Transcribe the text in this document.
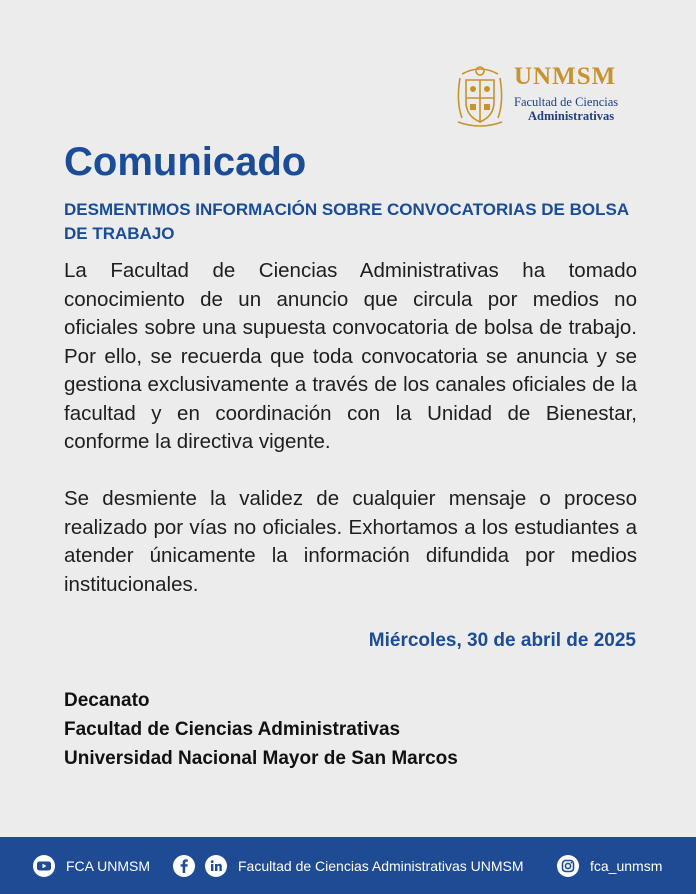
UNMSM
Facultad de Ciencias
Administrativas
Comunicado
DESMENTIMOS INFORMACIÓN SOBRE CONVOCATORIAS DE BOLSA DE TRABAJO
La Facultad de Ciencias Administrativas ha tomado conocimiento de un anuncio que circula por medios no oficiales sobre una supuesta convocatoria de bolsa de trabajo. Por ello, se recuerda que toda convocatoria se anuncia y se gestiona exclusivamente a través de los canales oficiales de la facultad y en coordinación con la Unidad de Bienestar, conforme la directiva vigente.
Se desmiente la validez de cualquier mensaje o proceso realizado por vías no oficiales. Exhortamos a los estudiantes a atender únicamente la información difundida por medios institucionales.
Miércoles, 30 de abril de 2025
Decanato
Facultad de Ciencias Administrativas
Universidad Nacional Mayor de San Marcos
FCA UNMSM	Facultad de Ciencias Administrativas UNMSM	fca_unmsm
